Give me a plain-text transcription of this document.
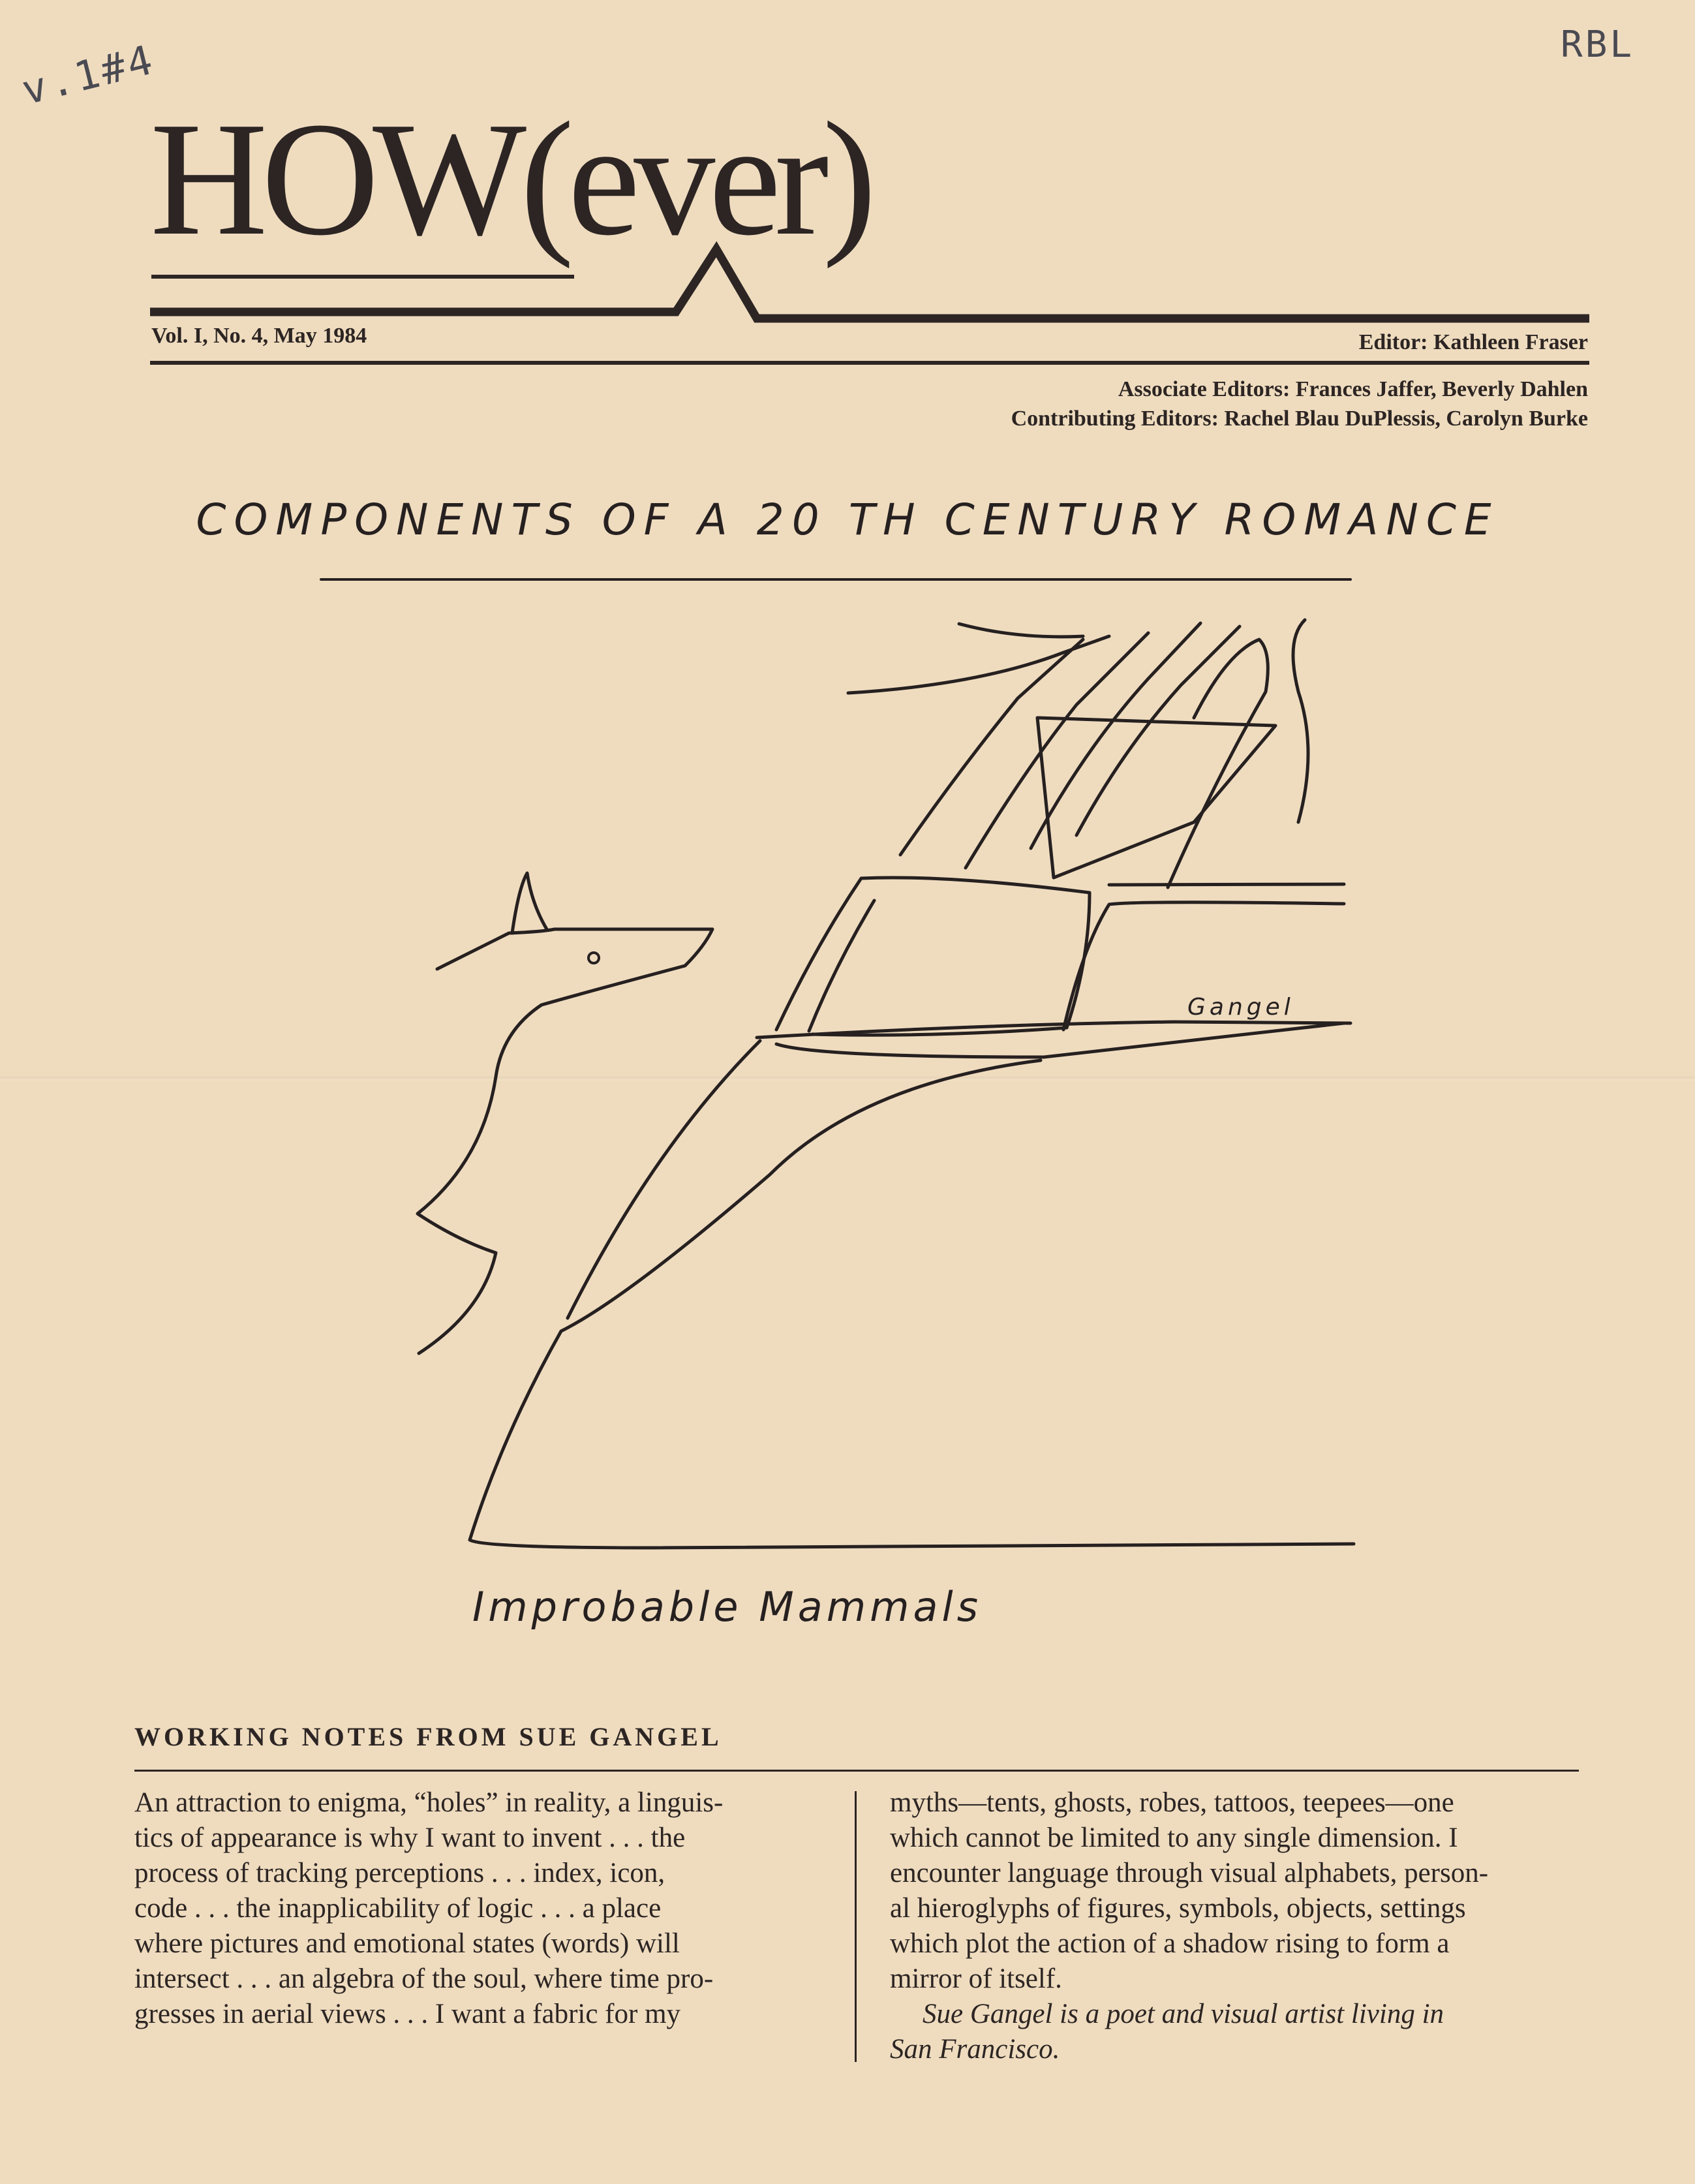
v.1#4	RBL
HOW(ever)
Vol. I, No. 4, May 1984	Editor: Kathleen Fraser
Associate Editors: Frances Jaffer, Beverly Dahlen
Contributing Editors: Rachel Blau DuPlessis, Carolyn Burke
COMPONENTS OF A 20 TH CENTURY ROMANCE
Gangel
Improbable Mammals
WORKING NOTES FROM SUE GANGEL

An attraction to enigma, “holes” in reality, a linguis-

tics of appearance is why I want to invent . . . the

process of tracking perceptions . . . index, icon,

code . . . the inapplicability of logic . . . a place

where pictures and emotional states (words) will

intersect . . . an algebra of the soul, where time pro-

gresses in aerial views . . . I want a fabric for my

myths—tents, ghosts, robes, tattoos, teepees—one

which cannot be limited to any single dimension. I

encounter language through visual alphabets, person-

al hieroglyphs of figures, symbols, objects, settings

which plot the action of a shadow rising to form a

mirror of itself.

Sue Gangel is a poet and visual artist living in

San Francisco.
